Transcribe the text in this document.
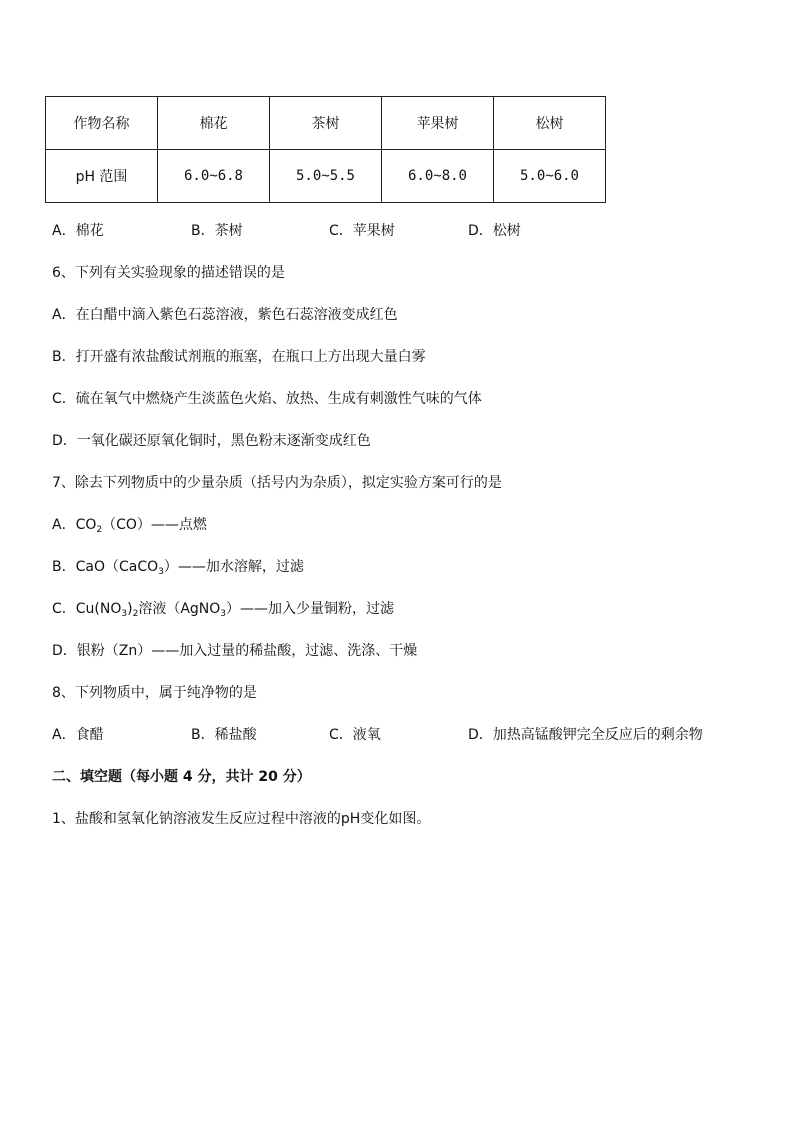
作物名称	棉花	茶树	苹果树	松树
pH 范围	6.0~6.8	5.0~5.5	6.0~8.0	5.0~6.0
A．棉花	B．茶树	C．苹果树	D．松树
6、下列有关实验现象的描述错误的是
A．在白醋中滴入紫色石蕊溶液，紫色石蕊溶液变成红色
B．打开盛有浓盐酸试剂瓶的瓶塞，在瓶口上方出现大量白雾
C．硫在氧气中燃烧产生淡蓝色火焰、放热、生成有刺激性气味的气体
D．一氧化碳还原氧化铜时，黑色粉末逐渐变成红色
7、除去下列物质中的少量杂质（括号内为杂质），拟定实验方案可行的是
A．$CO_2(CO)——$点燃
B．CaO（CaCO$_3$）——加水溶解，过滤
C．$Cu(NO_3)_2$溶液（AgNO$_3$）——加入少量铜粉，过滤
D．银粉（Zn）——加入过量的稀盐酸，过滤、洗涤、干燥
8、下列物质中，属于纯净物的是
A．食醋	B．稀盐酸	C．液氧	D．加热高锰酸钾完全反应后的剩余物
二、填空题（每小题 4 分，共计 20 分）
1、盐酸和氢氧化钠溶液发生反应过程中溶液的pH变化如图。
